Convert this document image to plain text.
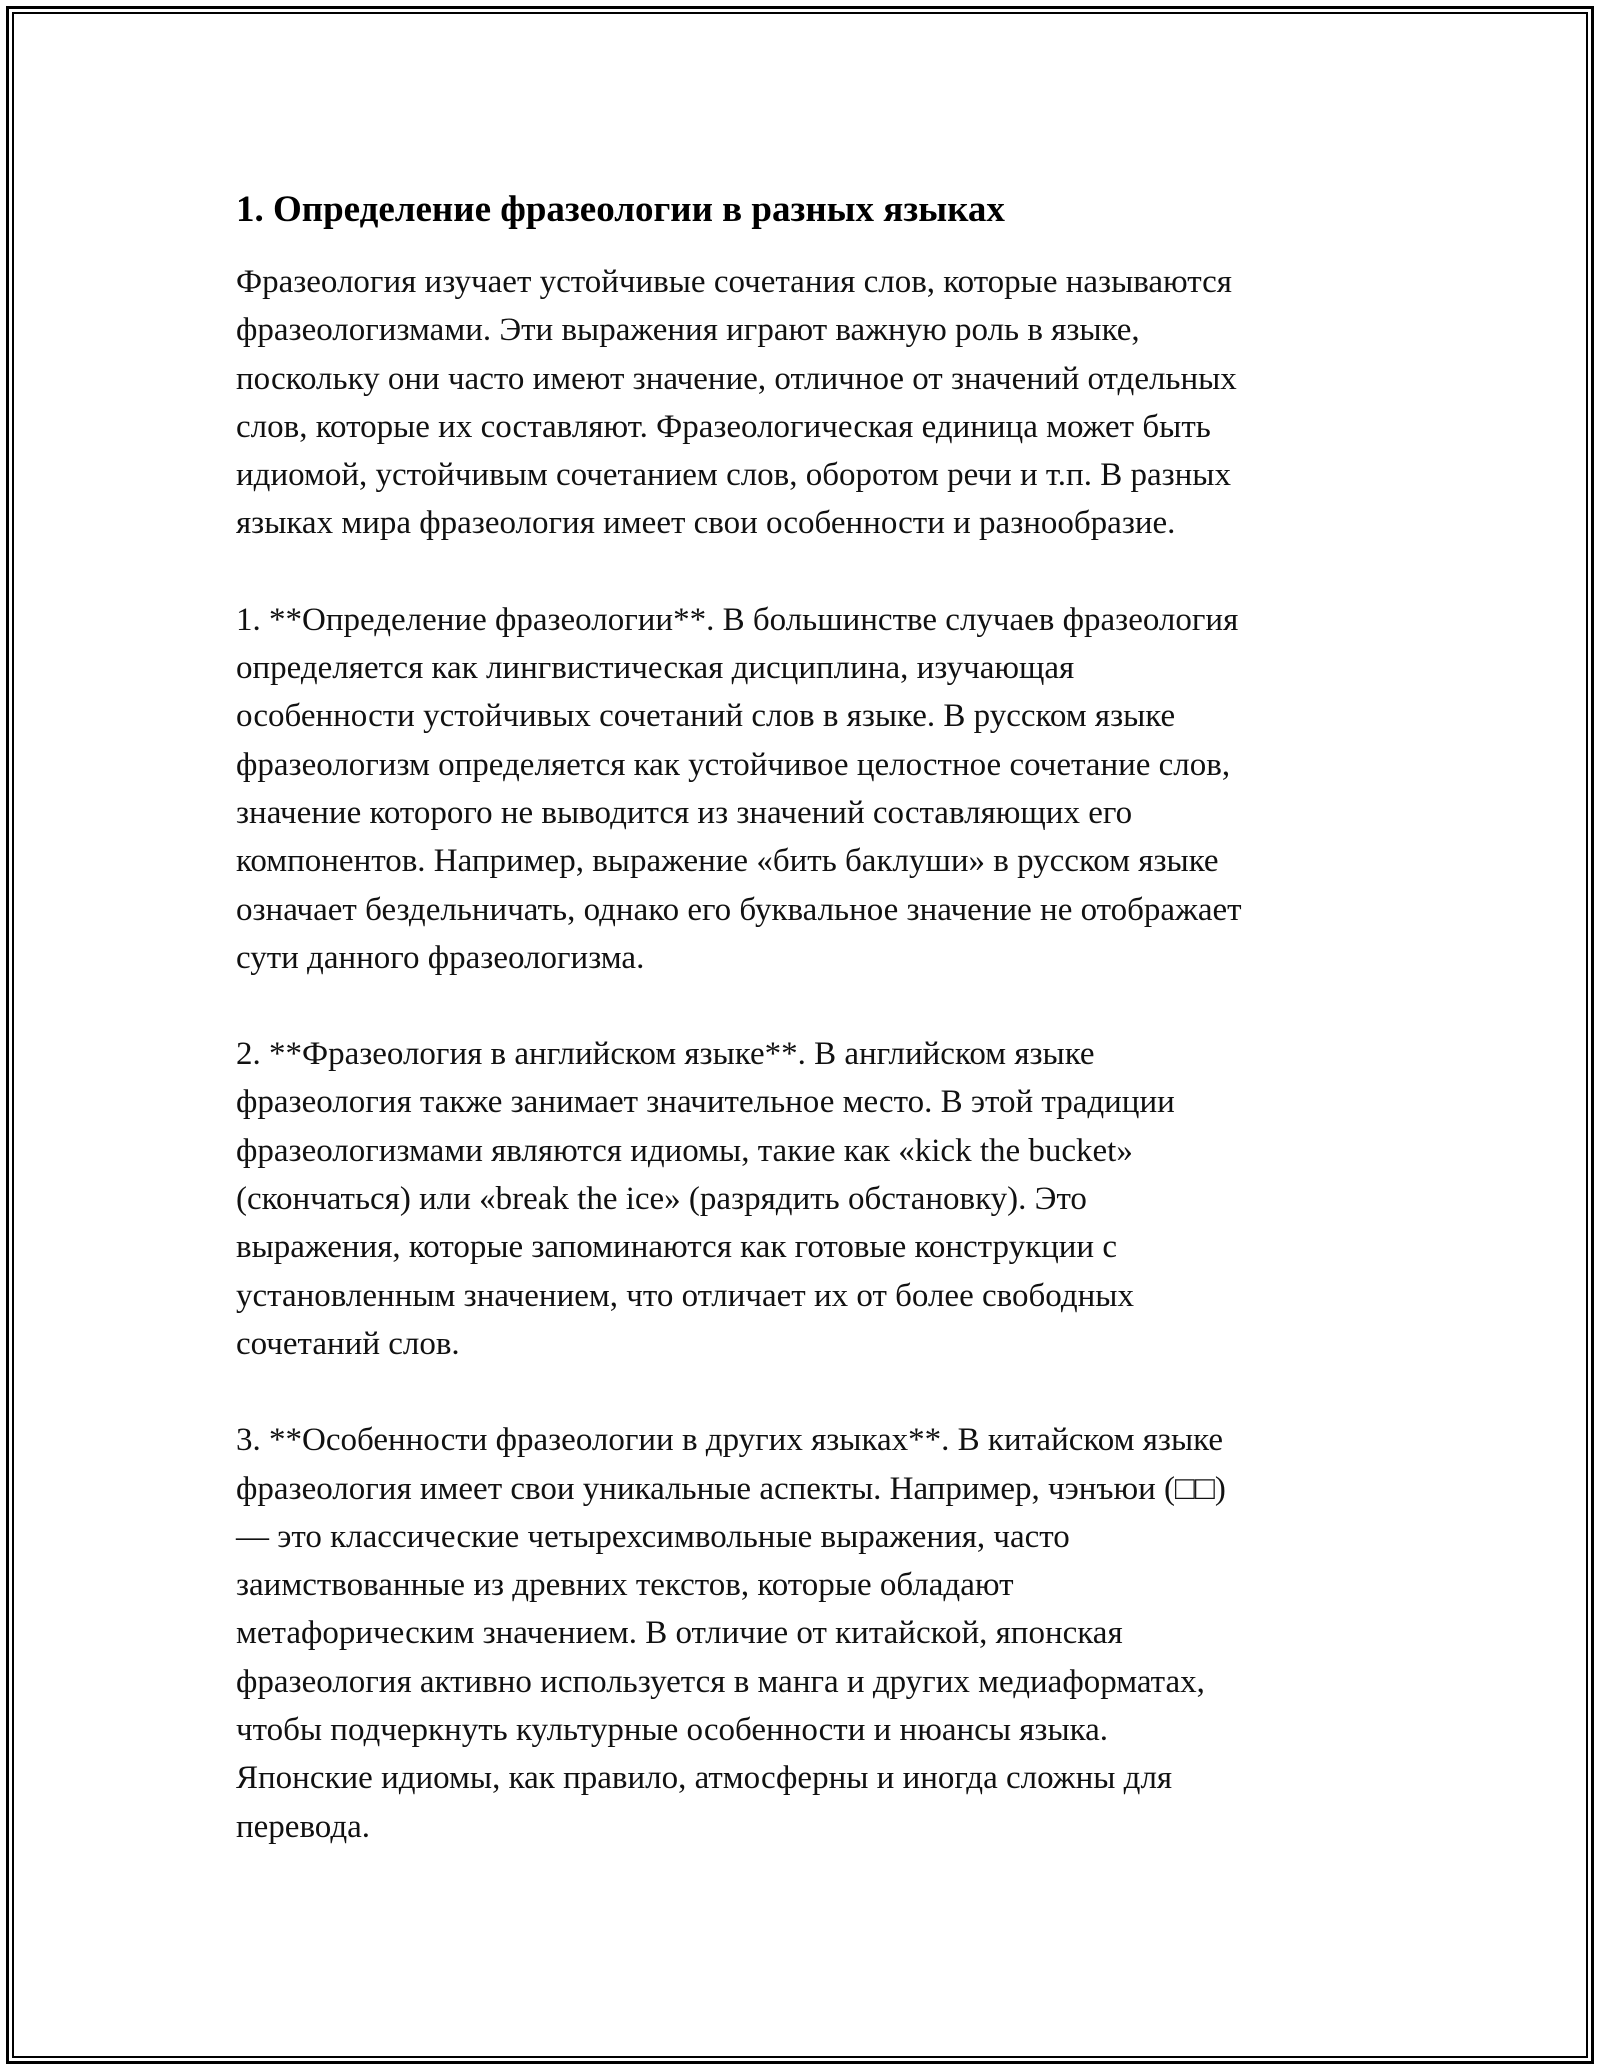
1. Определение фразеологии в разных языках

Фразеология изучает устойчивые сочетания слов, которые называются
фразеологизмами. Эти выражения играют важную роль в языке,
поскольку они часто имеют значение, отличное от значений отдельных
слов, которые их составляют. Фразеологическая единица может быть
идиомой, устойчивым сочетанием слов, оборотом речи и т.п. В разных
языках мира фразеология имеет свои особенности и разнообразие.

1. **Определение фразеологии**. В большинстве случаев фразеология
определяется как лингвистическая дисциплина, изучающая
особенности устойчивых сочетаний слов в языке. В русском языке
фразеологизм определяется как устойчивое целостное сочетание слов,
значение которого не выводится из значений составляющих его
компонентов. Например, выражение «бить баклуши» в русском языке
означает бездельничать, однако его буквальное значение не отображает
сути данного фразеологизма.

2. **Фразеология в английском языке**. В английском языке
фразеология также занимает значительное место. В этой традиции
фразеологизмами являются идиомы, такие как «kick the bucket»
(скончаться) или «break the ice» (разрядить обстановку). Это
выражения, которые запоминаются как готовые конструкции с
установленным значением, что отличает их от более свободных
сочетаний слов.

3. **Особенности фразеологии в других языках**. В китайском языке
фразеология имеет свои уникальные аспекты. Например, чэнъюи (□□)
— это классические четырехсимвольные выражения, часто
заимствованные из древних текстов, которые обладают
метафорическим значением. В отличие от китайской, японская
фразеология активно используется в манга и других медиаформатах,
чтобы подчеркнуть культурные особенности и нюансы языка.
Японские идиомы, как правило, атмосферны и иногда сложны для
перевода.
